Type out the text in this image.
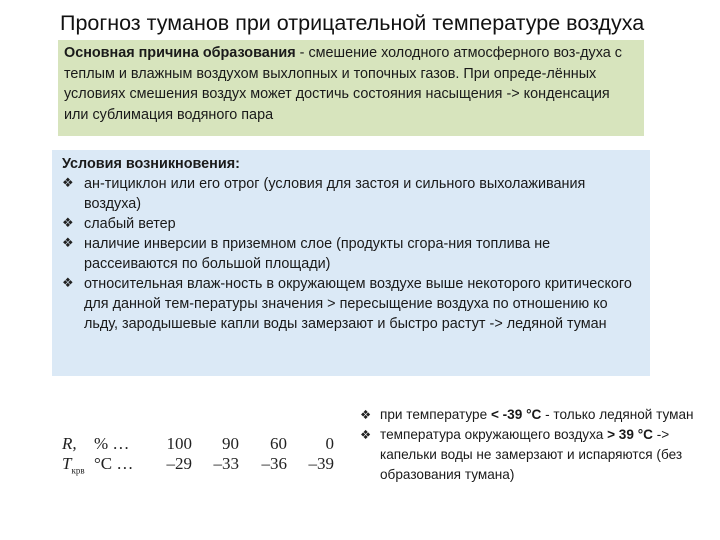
Прогноз туманов при отрицательной температуре воздуха
Основная причина образования - смешение холодного атмосферного воз-духа с теплым и влажным воздухом выхлопных и топочных газов. При опреде-лённых условиях смешения воздух может достичь состояния насыщения -> конденсация или сублимация водяного пара
Условия возникновения:
❖ ан-тициклон или его отрог (условия для застоя и сильного выхолаживания воздуха)
❖ слабый ветер
❖ наличие инверсии в приземном слое (продукты сгора-ния топлива не рассеиваются по большой площади)
❖ относительная влаж-ность в окружающем воздухе выше некоторого критического для данной тем-пературы значения > пересыщение воздуха по отношению ко льду, зародышевые капли воды замерзают и быстро растут -> ледяной туман
R, % …	100	90	60	0
$T_{крв}$ °C …	–29	–33	–36	–39
❖ при температуре < -39 °C - только ледяной туман
❖ температура окружающего воздуха > 39 °C -> капельки воды не замерзают и испаряются (без образования тумана)
